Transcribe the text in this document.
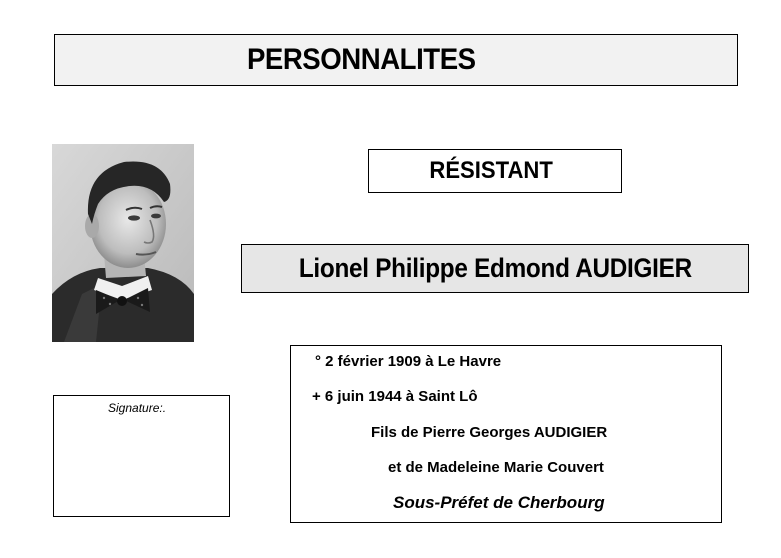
PERSONNALITES
RÉSISTANT
Lionel Philippe Edmond AUDIGIER
Signature:.
° 2 février 1909 à Le Havre
+ 6 juin 1944 à Saint Lô
Fils de Pierre Georges AUDIGIER
et de Madeleine Marie Couvert
Sous-Préfet de Cherbourg
